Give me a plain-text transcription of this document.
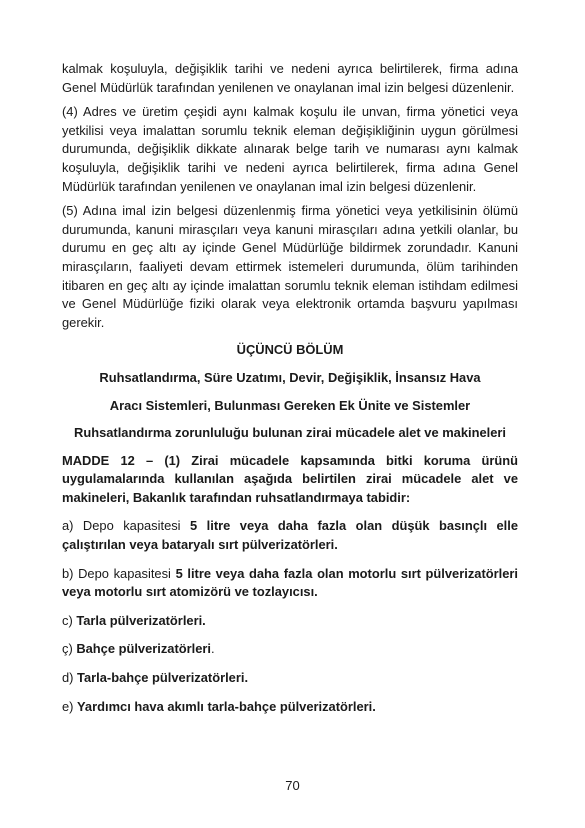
kalmak koşuluyla, değişiklik tarihi ve nedeni ayrıca belirtilerek, firma adına Genel Müdürlük tarafından yenilenen ve onaylanan imal izin belgesi düzenlenir.

(4) Adres ve üretim çeşidi aynı kalmak koşulu ile unvan, firma yönetici veya yetkilisi veya imalattan sorumlu teknik eleman değişikliğinin uygun görülmesi durumunda, değişiklik dikkate alınarak belge tarih ve numarası aynı kalmak koşuluyla, değişiklik tarihi ve nedeni ayrıca belirtilerek, firma adına Genel Müdürlük tarafından yenilenen ve onaylanan imal izin belgesi düzenlenir.

(5) Adına imal izin belgesi düzenlenmiş firma yönetici veya yetkilisinin ölümü durumunda, kanuni mirasçıları veya kanuni mirasçıları adına yetkili olanlar, bu durumu en geç altı ay içinde Genel Müdürlüğe bildirmek zorundadır. Kanuni mirasçıların, faaliyeti devam ettirmek istemeleri durumunda, ölüm tarihinden itibaren en geç altı ay içinde imalattan sorumlu teknik eleman istihdam edilmesi ve Genel Müdürlüğe fiziki olarak veya elektronik ortamda başvuru yapılması gerekir.

ÜÇÜNCÜ BÖLÜM

Ruhsatlandırma, Süre Uzatımı, Devir, Değişiklik, İnsansız Hava

Aracı Sistemleri, Bulunması Gereken Ek Ünite ve Sistemler

Ruhsatlandırma zorunluluğu bulunan zirai mücadele alet ve makineleri

MADDE 12 – (1) Zirai mücadele kapsamında bitki koruma ürünü uygulamalarında kullanılan aşağıda belirtilen zirai mücadele alet ve makineleri, Bakanlık tarafından ruhsatlandırmaya tabidir:

a) Depo kapasitesi 5 litre veya daha fazla olan düşük basınçlı elle çalıştırılan veya bataryalı sırt pülverizatörleri.

b) Depo kapasitesi 5 litre veya daha fazla olan motorlu sırt pülverizatörleri veya motorlu sırt atomizörü ve tozlayıcısı.

c) Tarla pülverizatörleri.

ç) Bahçe pülverizatörleri.

d) Tarla-bahçe pülverizatörleri.

e) Yardımcı hava akımlı tarla-bahçe pülverizatörleri.

70
